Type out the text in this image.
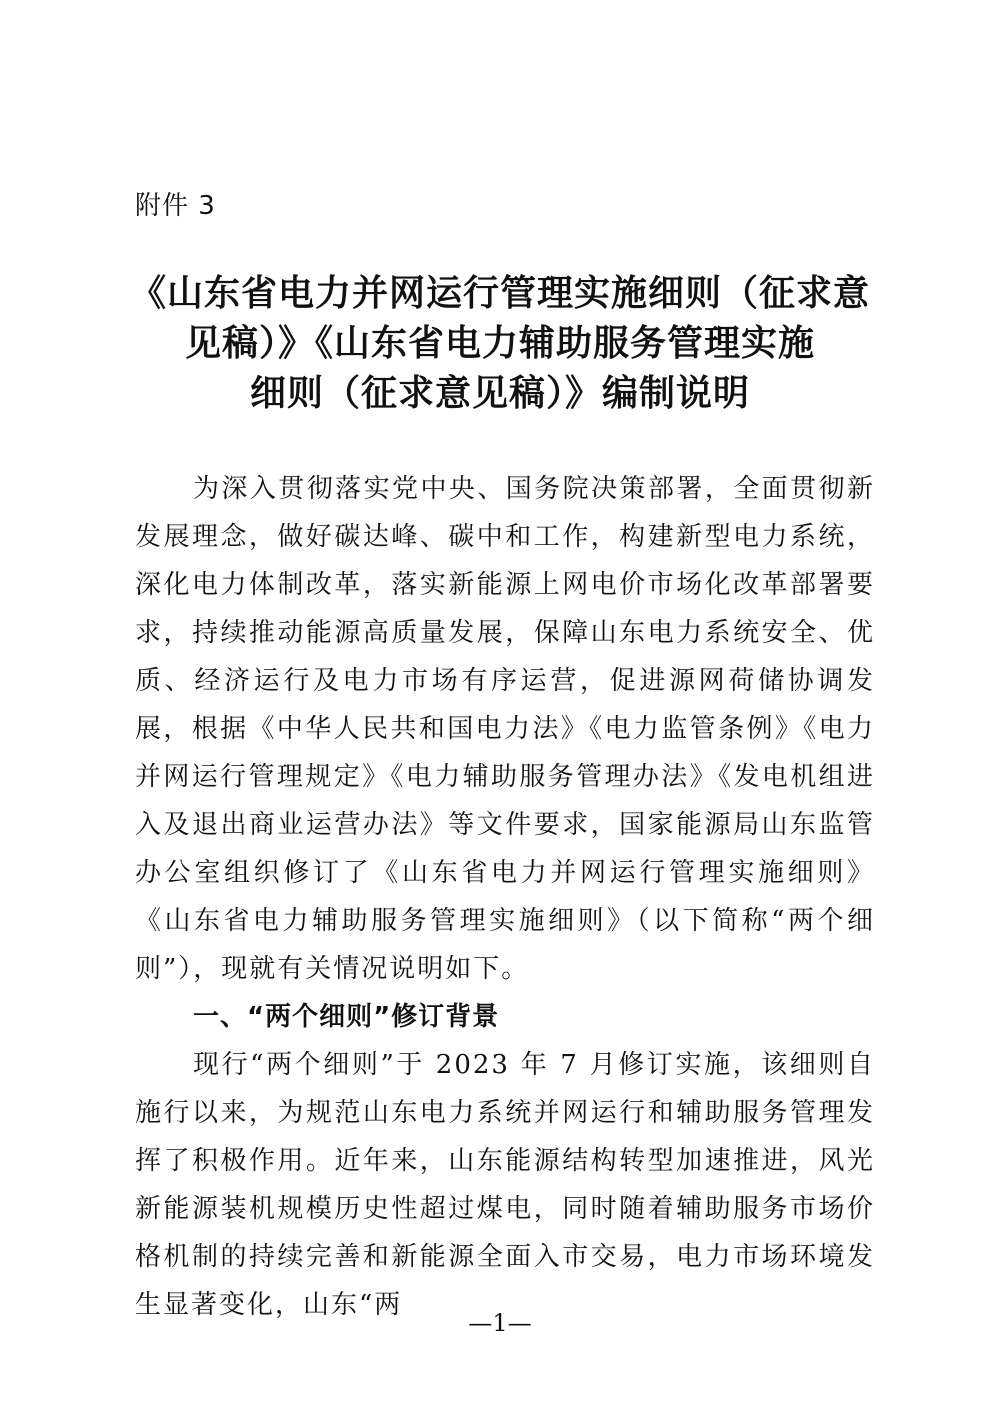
附件 3
《山东省电力并网运行管理实施细则（征求意
见稿）》《山东省电力辅助服务管理实施
细则（征求意见稿）》编制说明

为深入贯彻落实党中央、国务院决策部署，全面贯彻新发展理念，做好碳达峰、碳中和工作，构建新型电力系统，深化电力体制改革，落实新能源上网电价市场化改革部署要求，持续推动能源高质量发展，保障山东电力系统安全、优质、经济运行及电力市场有序运营，促进源网荷储协调发展，根据《中华人民共和国电力法》《电力监管条例》《电力并网运行管理规定》《电力辅助服务管理办法》《发电机组进入及退出商业运营办法》等文件要求，国家能源局山东监管办公室组织修订了《山东省电力并网运行管理实施细则》《山东省电力辅助服务管理实施细则》（以下简称“两个细则”），现就有关情况说明如下。

一、“两个细则”修订背景

现行“两个细则”于 2023 年 7 月修订实施，该细则自施行以来，为规范山东电力系统并网运行和辅助服务管理发挥了积极作用。近年来，山东能源结构转型加速推进，风光新能源装机规模历史性超过煤电，同时随着辅助服务市场价格机制的持续完善和新能源全面入市交易，电力市场环境发生显著变化，山东“两

—1—
